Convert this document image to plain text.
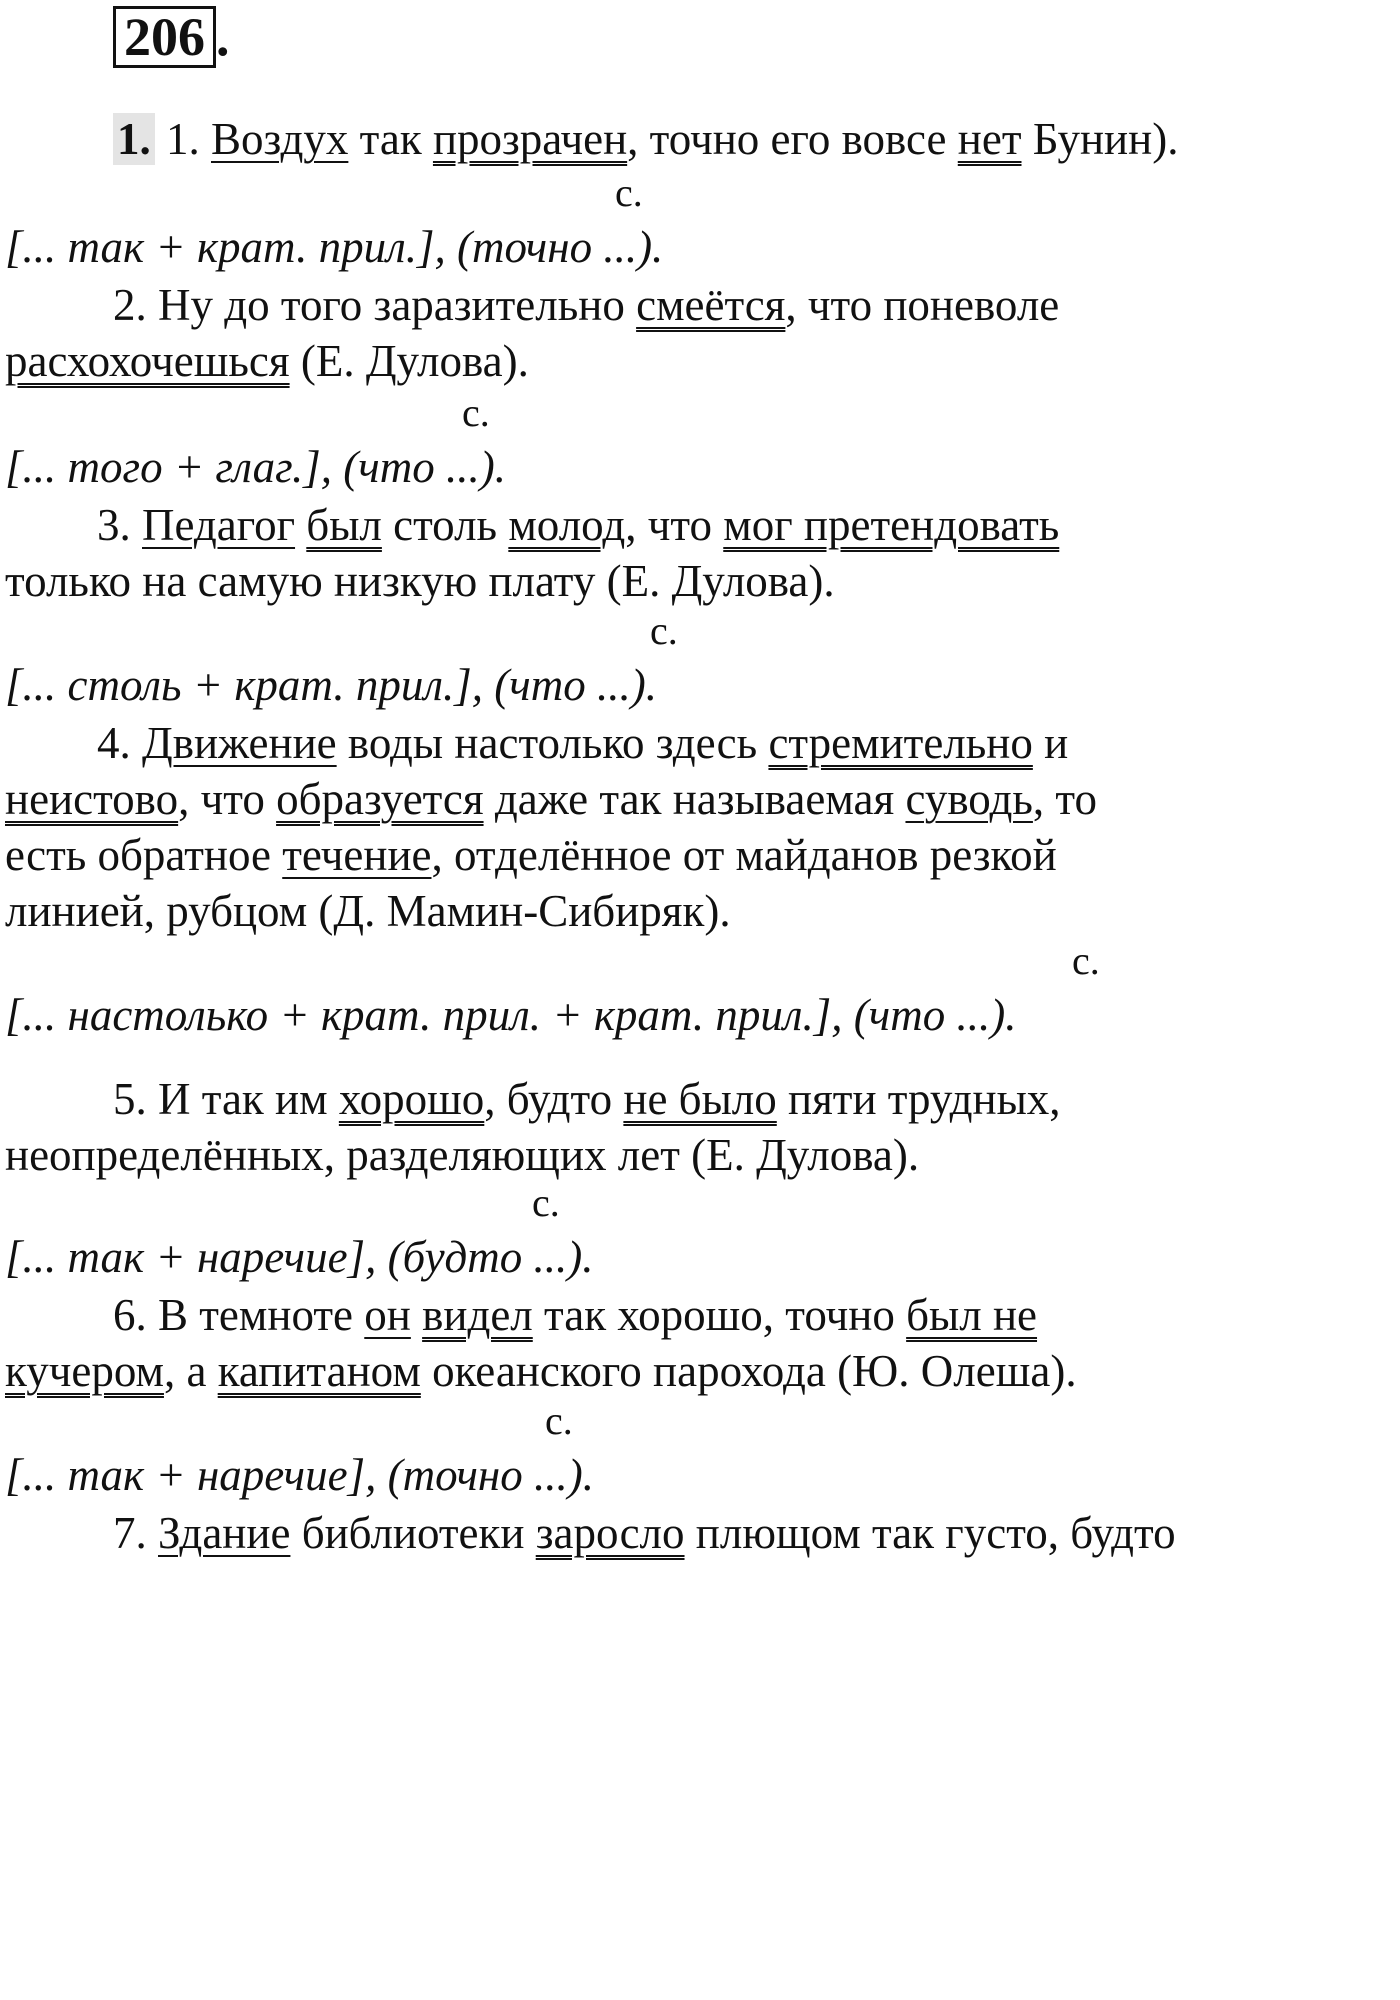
206 .
1. 1. Воздух так прозрачен, точно его вовсе нет Бунин).
с.
[... так + крат. прил.], (точно ...).
2. Ну до того заразительно смеётся, что поневоле
расхохочешься (Е. Дулова).
с.
[... того + глаг.], (что ...).
3. Педагог был столь молод, что мог претендовать
только на самую низкую плату (Е. Дулова).
с.
[... столь + крат. прил.], (что ...).
4. Движение воды настолько здесь стремительно и
неистово, что образуется даже так называемая суводь, то
есть обратное течение, отделённое от майданов резкой
линией, рубцом (Д. Мамин-Сибиряк).
с.
[... настолько + крат. прил. + крат. прил.], (что ...).
5. И так им хорошо, будто не было пяти трудных,
неопределённых, разделяющих лет (Е. Дулова).
с.
[... так + наречие], (будто ...).
6. В темноте он видел так хорошо, точно был не
кучером, а капитаном океанского парохода (Ю. Олеша).
с.
[... так + наречие], (точно ...).
7. Здание библиотеки заросло плющом так густо, будто
